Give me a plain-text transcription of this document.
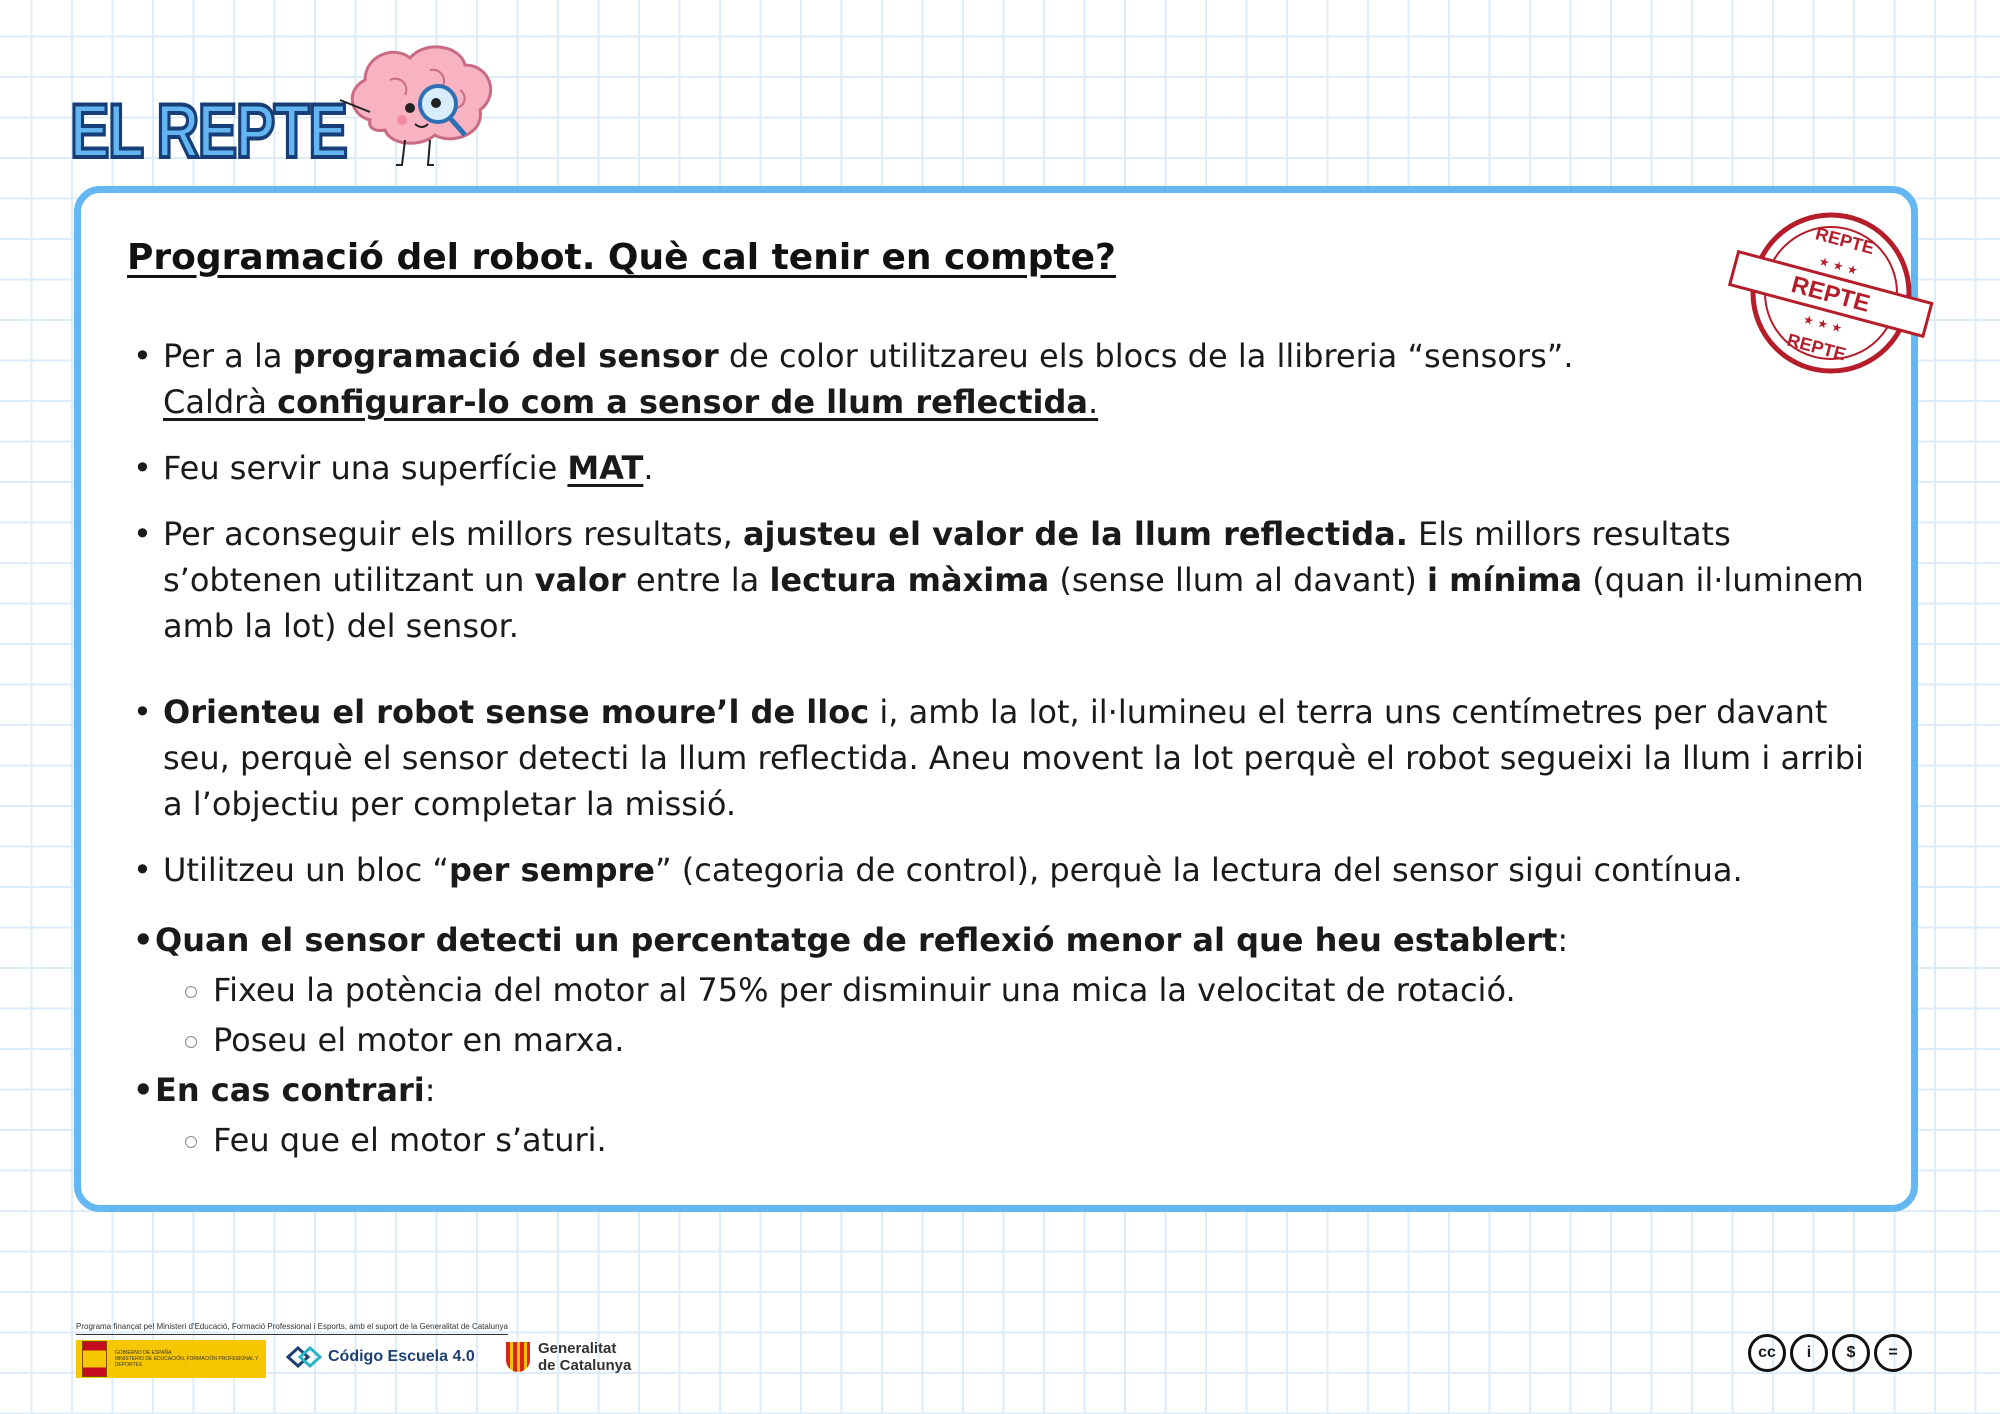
EL REPTE
Programació del robot. Què cal tenir en compte?	REPTE
REPTE
★ ★ ★
★ ★ ★
REPTE
• Per a la programació del sensor de color utilitzareu els blocs de la llibreria “sensors”.
Caldrà configurar-lo com a sensor de llum reflectida.
• Feu servir una superfície MAT.
• Per aconseguir els millors resultats, ajusteu el valor de la llum reflectida. Els millors resultats s’obtenen utilitzant un valor entre la lectura màxima (sense llum al davant) i mínima (quan il·luminem amb la lot) del sensor.
• Orienteu el robot sense moure’l de lloc i, amb la lot, il·lumineu el terra uns centímetres per davant seu, perquè el sensor detecti la llum reflectida. Aneu movent la lot perquè el robot segueixi la llum i arribi a l’objectiu per completar la missió.
• Utilitzeu un bloc “per sempre” (categoria de control), perquè la lectura del sensor sigui contínua.
• Quan el sensor detecti un percentatge de reflexió menor al que heu establert:
Fixeu la potència del motor al 75% per disminuir una mica la velocitat de rotació.
Poseu el motor en marxa.
• En cas contrari:
Feu que el motor s’aturi.
Programa finançat pel Ministeri d'Educació, Formació Professional i Esports, amb el suport de la Generalitat de Catalunya
GOBIERNO DE ESPAÑA
MINISTERIO DE EDUCACIÓN, FORMACIÓN PROFESIONAL Y DEPORTES	Código Escuela 4.0	Generalitat
de Catalunya
cc	i	$	=
